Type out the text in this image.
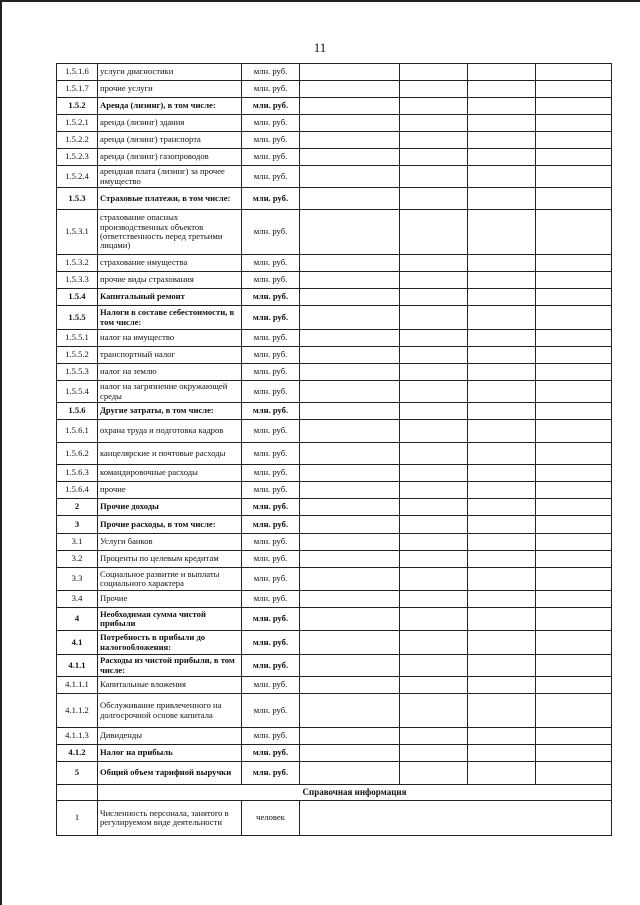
11
1.5.1.6	услуги диагностики	млн. руб.				
1.5.1.7	прочие услуги	млн. руб.				
1.5.2	Аренда (лизинг), в том числе:	млн. руб.				
1.5.2.1	аренда (лизинг) здания	млн. руб.				
1.5.2.2	аренда (лизинг) транспорта	млн. руб.				
1.5.2.3	аренда (лизинг) газопроводов	млн. руб.				
1.5.2.4	арендная плата (лизинг) за прочее имущество	млн. руб.				
1.5.3	Страховые платежи, в том числе:	млн. руб.				
1.5.3.1	страхование опасных производственных объектов (ответственность перед третьими лицами)	млн. руб.				
1.5.3.2	страхование имущества	млн. руб.				
1.5.3.3	прочие виды страхования	млн. руб.				
1.5.4	Капитальный ремонт	млн. руб.				
1.5.5	Налоги в составе себестоимости, в том числе:	млн. руб.				
1.5.5.1	налог на имущество	млн. руб.				
1.5.5.2	транспортный налог	млн. руб.				
1.5.5.3	налог на землю	млн. руб.				
1.5.5.4	налог на загрязнение окружающей среды	млн. руб.				
1.5.6	Другие затраты, в том числе:	млн. руб.				
1.5.6.1	охрана труда и подготовка кадров	млн. руб.				
1.5.6.2	канцелярские и почтовые расходы	млн. руб.				
1.5.6.3	командировочные расходы	млн. руб.				
1.5.6.4	прочие	млн. руб.				
2	Прочие доходы	млн. руб.				
3	Прочие расходы, в том числе:	млн. руб.				
3.1	Услуги банков	млн. руб.				
3.2	Проценты по целевым кредитам	млн. руб.				
3.3	Социальное развитие и выплаты социального характера	млн. руб.				
3.4	Прочие	млн. руб.				
4	Необходимая сумма чистой прибыли	млн. руб.				
4.1	Потребность в прибыли до налогообложения:	млн. руб.				
4.1.1	Расходы из чистой прибыли, в том числе:	млн. руб.				
4.1.1.1	Капитальные вложения	млн. руб.				
4.1.1.2	Обслуживание привлеченного на долгосрочной основе капитала	млн. руб.				
4.1.1.3	Дивиденды	млн. руб.				
4.1.2	Налог на прибыль	млн. руб.				
5	Общий объем тарифной выручки	млн. руб.				
	Справочная информация					
1	Численность персонала, занятого в регулируемом виде деятельности	человек				
